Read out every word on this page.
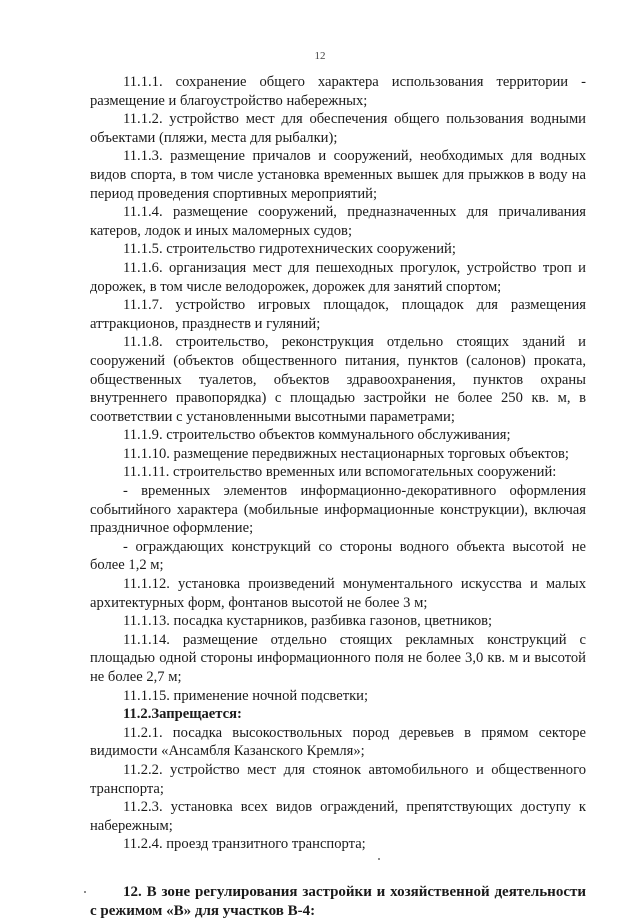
12

11.1.1. сохранение общего характера использования территории - размещение и благоустройство набережных;

11.1.2. устройство мест для обеспечения общего пользования водными объектами (пляжи, места для рыбалки);

11.1.3. размещение причалов и сооружений, необходимых для водных видов спорта, в том числе установка временных вышек для прыжков в воду на период проведения спортивных мероприятий;

11.1.4. размещение сооружений, предназначенных для причаливания катеров, лодок и иных маломерных судов;

11.1.5. строительство гидротехнических сооружений;

11.1.6. организация мест для пешеходных прогулок, устройство троп и дорожек, в том числе велодорожек, дорожек для занятий спортом;

11.1.7. устройство игровых площадок, площадок для размещения аттракционов, празднеств и гуляний;

11.1.8. строительство, реконструкция отдельно стоящих зданий и сооружений (объектов общественного питания, пунктов (салонов) проката, общественных туалетов, объектов здравоохранения, пунктов охраны внутреннего правопорядка) с площадью застройки не более 250 кв. м, в соответствии с установленными высотными параметрами;

11.1.9. строительство объектов коммунального обслуживания;

11.1.10. размещение передвижных нестационарных торговых объектов;

11.1.11. строительство временных или вспомогательных сооружений:

- временных элементов информационно-декоративного оформления событийного характера (мобильные информационные конструкции), включая праздничное оформление;

- ограждающих конструкций со стороны водного объекта высотой не более 1,2 м;

11.1.12. установка произведений монументального искусства и малых архитектурных форм, фонтанов высотой не более 3 м;

11.1.13. посадка кустарников, разбивка газонов, цветников;

11.1.14. размещение отдельно стоящих рекламных конструкций с площадью одной стороны информационного поля не более 3,0 кв. м и высотой не более 2,7 м;

11.1.15. применение ночной подсветки;

11.2.Запрещается:

11.2.1. посадка высокоствольных пород деревьев в прямом секторе видимости «Ансамбля Казанского Кремля»;

11.2.2. устройство мест для стоянок автомобильного и общественного транспорта;

11.2.3. установка всех видов ограждений, препятствующих доступу к набережным;

11.2.4. проезд транзитного транспорта;

12. В зоне регулирования застройки и хозяйственной деятельности с режимом «В» для участков В-4:
